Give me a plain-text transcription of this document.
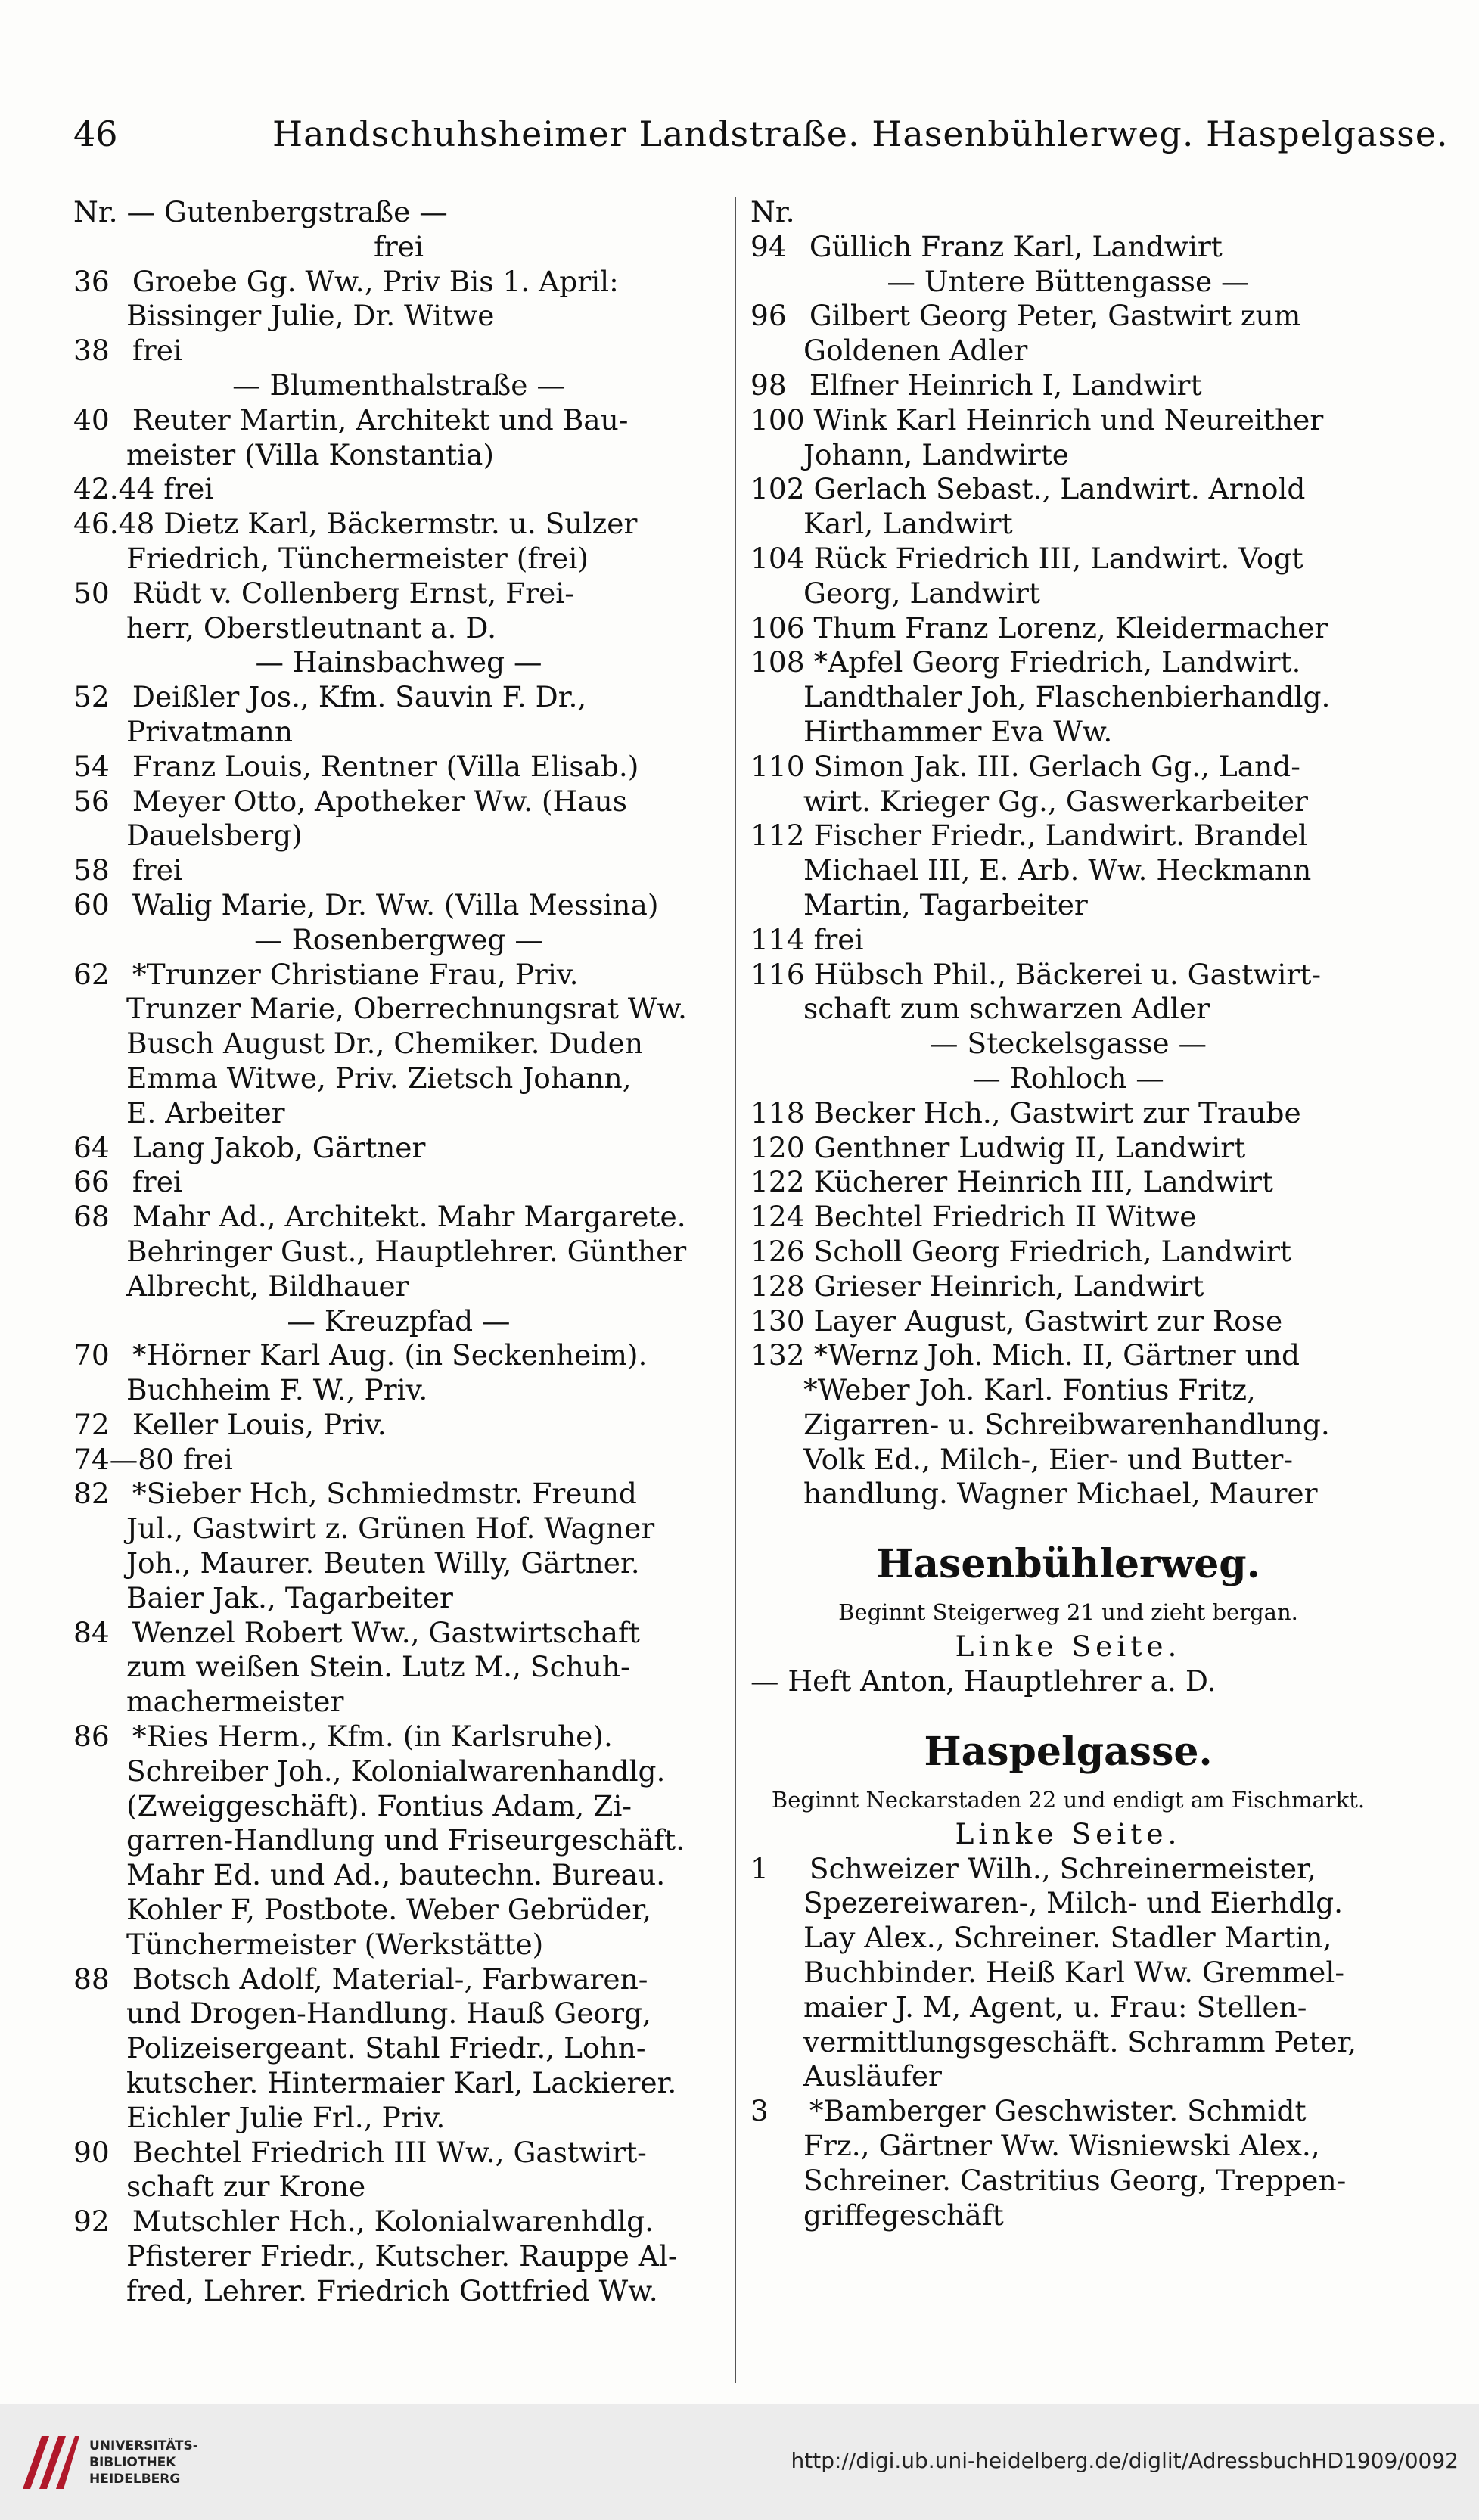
46	Handschuhsheimer Landstraße. Hasenbühlerweg. Haspelgasse.
Nr. — Gutenbergstraße —
frei
36 Groebe Gg. Ww., Priv Bis 1. April:
Bissinger Julie, Dr. Witwe
38 frei
— Blumenthalstraße —
40 Reuter Martin, Architekt und Bau-
meister (Villa Konstantia)
42.44 frei
46.48 Dietz Karl, Bäckermstr. u. Sulzer
Friedrich, Tünchermeister (frei)
50 Rüdt v. Collenberg Ernst, Frei-
herr, Oberstleutnant a. D.
— Hainsbachweg —
52 Deißler Jos., Kfm. Sauvin F. Dr.,
Privatmann
54 Franz Louis, Rentner (Villa Elisab.)
56 Meyer Otto, Apotheker Ww. (Haus
Dauelsberg)
58 frei
60 Walig Marie, Dr. Ww. (Villa Messina)
— Rosenbergweg —
62 *Trunzer Christiane Frau, Priv.
Trunzer Marie, Oberrechnungsrat Ww.
Busch August Dr., Chemiker. Duden
Emma Witwe, Priv. Zietsch Johann,
E. Arbeiter
64 Lang Jakob, Gärtner
66 frei
68 Mahr Ad., Architekt. Mahr Margarete.
Behringer Gust., Hauptlehrer. Günther
Albrecht, Bildhauer
— Kreuzpfad —
70 *Hörner Karl Aug. (in Seckenheim).
Buchheim F. W., Priv.
72 Keller Louis, Priv.
74—80 frei
82 *Sieber Hch, Schmiedmstr. Freund
Jul., Gastwirt z. Grünen Hof. Wagner
Joh., Maurer. Beuten Willy, Gärtner.
Baier Jak., Tagarbeiter
84 Wenzel Robert Ww., Gastwirtschaft
zum weißen Stein. Lutz M., Schuh-
machermeister
86 *Ries Herm., Kfm. (in Karlsruhe).
Schreiber Joh., Kolonialwarenhandlg.
(Zweiggeschäft). Fontius Adam, Zi-
garren-Handlung und Friseurgeschäft.
Mahr Ed. und Ad., bautechn. Bureau.
Kohler F, Postbote. Weber Gebrüder,
Tünchermeister (Werkstätte)
88 Botsch Adolf, Material-, Farbwaren-
und Drogen-Handlung. Hauß Georg,
Polizeisergeant. Stahl Friedr., Lohn-
kutscher. Hintermaier Karl, Lackierer.
Eichler Julie Frl., Priv.
90 Bechtel Friedrich III Ww., Gastwirt-
schaft zur Krone
92 Mutschler Hch., Kolonialwarenhdlg.
Pfisterer Friedr., Kutscher. Rauppe Al-
fred, Lehrer. Friedrich Gottfried Ww.
Nr.
94 Güllich Franz Karl, Landwirt
— Untere Büttengasse —
96 Gilbert Georg Peter, Gastwirt zum
Goldenen Adler
98 Elfner Heinrich I, Landwirt
100 Wink Karl Heinrich und Neureither
Johann, Landwirte
102 Gerlach Sebast., Landwirt. Arnold
Karl, Landwirt
104 Rück Friedrich III, Landwirt. Vogt
Georg, Landwirt
106 Thum Franz Lorenz, Kleidermacher
108 *Apfel Georg Friedrich, Landwirt.
Landthaler Joh, Flaschenbierhandlg.
Hirthammer Eva Ww.
110 Simon Jak. III. Gerlach Gg., Land-
wirt. Krieger Gg., Gaswerkarbeiter
112 Fischer Friedr., Landwirt. Brandel
Michael III, E. Arb. Ww. Heckmann
Martin, Tagarbeiter
114 frei
116 Hübsch Phil., Bäckerei u. Gastwirt-
schaft zum schwarzen Adler
— Steckelsgasse —
— Rohloch —
118 Becker Hch., Gastwirt zur Traube
120 Genthner Ludwig II, Landwirt
122 Kücherer Heinrich III, Landwirt
124 Bechtel Friedrich II Witwe
126 Scholl Georg Friedrich, Landwirt
128 Grieser Heinrich, Landwirt
130 Layer August, Gastwirt zur Rose
132 *Wernz Joh. Mich. II, Gärtner und
*Weber Joh. Karl. Fontius Fritz,
Zigarren- u. Schreibwarenhandlung.
Volk Ed., Milch-, Eier- und Butter-
handlung. Wagner Michael, Maurer
Hasenbühlerweg.
Beginnt Steigerweg 21 und zieht bergan.
Linke Seite.
— Heft Anton, Hauptlehrer a. D.
Haspelgasse.
Beginnt Neckarstaden 22 und endigt am Fischmarkt.
Linke Seite.
1 Schweizer Wilh., Schreinermeister,
Spezereiwaren-, Milch- und Eierhdlg.
Lay Alex., Schreiner. Stadler Martin,
Buchbinder. Heiß Karl Ww. Gremmel-
maier J. M, Agent, u. Frau: Stellen-
vermittlungsgeschäft. Schramm Peter,
Ausläufer
3 *Bamberger Geschwister. Schmidt
Frz., Gärtner Ww. Wisniewski Alex.,
Schreiner. Castritius Georg, Treppen-
griffegeschäft
UNIVERSITÄTS-
BIBLIOTHEK
HEIDELBERG
http://digi.ub.uni-heidelberg.de/diglit/AdressbuchHD1909/0092
